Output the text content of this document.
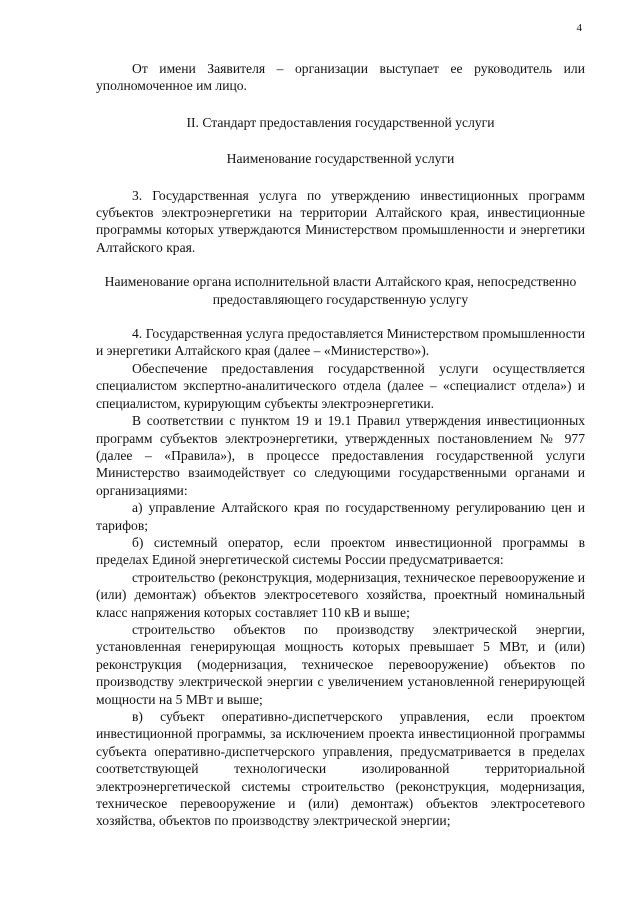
4

От имени Заявителя – организации выступает ее руководитель или уполномоченное им лицо.

II. Стандарт предоставления государственной услуги

Наименование государственной услуги

3. Государственная услуга по утверждению инвестиционных программ субъектов электроэнергетики на территории Алтайского края, инвестиционные программы которых утверждаются Министерством промышленности и энергетики Алтайского края.

Наименование органа исполнительной власти Алтайского края, непосредственно предоставляющего государственную услугу

4. Государственная услуга предоставляется Министерством промышленности и энергетики Алтайского края (далее – «Министерство»).

Обеспечение предоставления государственной услуги осуществляется специалистом экспертно-аналитического отдела (далее – «специалист отдела») и специалистом, курирующим субъекты электроэнергетики.

В соответствии с пунктом 19 и 19.1 Правил утверждения инвестиционных программ субъектов электроэнергетики, утвержденных постановлением № 977 (далее – «Правила»), в процессе предоставления государственной услуги Министерство взаимодействует со следующими государственными органами и организациями:

а) управление Алтайского края по государственному регулированию цен и тарифов;

б) системный оператор, если проектом инвестиционной программы в пределах Единой энергетической системы России предусматривается:

строительство (реконструкция, модернизация, техническое перевооружение и (или) демонтаж) объектов электросетевого хозяйства, проектный номинальный класс напряжения которых составляет 110 кВ и выше;

строительство объектов по производству электрической энергии, установленная генерирующая мощность которых превышает 5 МВт, и (или) реконструкция (модернизация, техническое перевооружение) объектов по производству электрической энергии с увеличением установленной генерирующей мощности на 5 МВт и выше;

в) субъект оперативно-диспетчерского управления, если проектом инвестиционной программы, за исключением проекта инвестиционной программы субъекта оперативно-диспетчерского управления, предусматривается в пределах соответствующей технологически изолированной территориальной электроэнергетической системы строительство (реконструкция, модернизация, техническое перевооружение и (или) демонтаж) объектов электросетевого хозяйства, объектов по производству электрической энергии;
